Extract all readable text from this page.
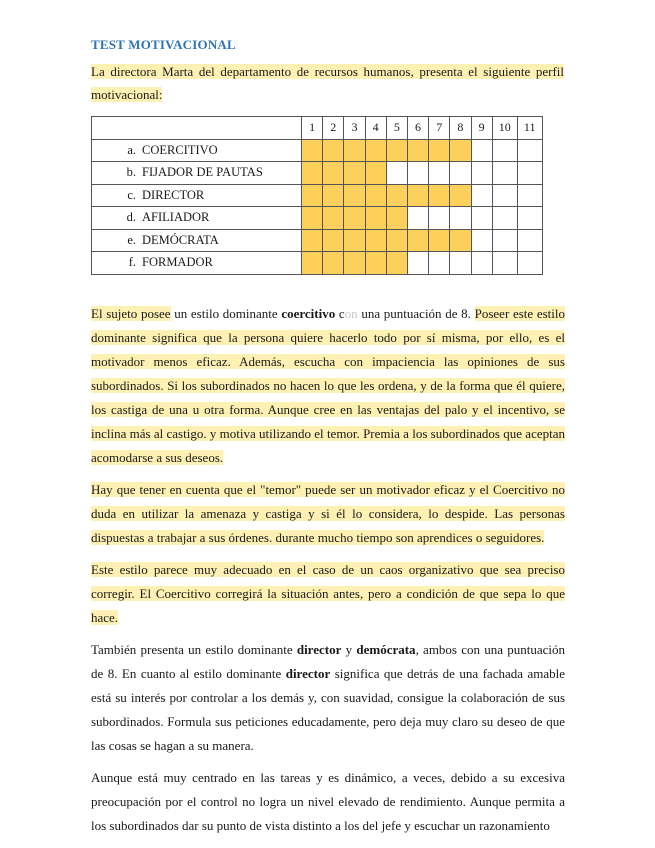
TEST MOTIVACIONAL
La directora Marta del departamento de recursos humanos, presenta el siguiente perfil motivacional:
	1	2	3	4	5	6	7	8	9	10	11
a. COERCITIVO											
b. FIJADOR DE PAUTAS											
c. DIRECTOR											
d. AFILIADOR											
e. DEMÓCRATA											
f. FORMADOR											

El sujeto posee un estilo dominante coercitivo con una puntuación de 8. Poseer este estilo dominante significa que la persona quiere hacerlo todo por sí misma, por ello, es el motivador menos eficaz. Además, escucha con impaciencia las opiniones de sus subordinados. Si los subordinados no hacen lo que les ordena, y de la forma que él quiere, los castiga de una u otra forma. Aunque cree en las ventajas del palo y el incentivo, se inclina más al castigo. y motiva utilizando el temor. Premia a los subordinados que aceptan acomodarse a sus deseos.

Hay que tener en cuenta que el "temor" puede ser un motivador eficaz y el Coercitivo no duda en utilizar la amenaza y castiga y si él lo considera, lo despide. Las personas dispuestas a trabajar a sus órdenes. durante mucho tiempo son aprendices o seguidores.

Este estilo parece muy adecuado en el caso de un caos organizativo que sea preciso corregir. El Coercitivo corregirá la situación antes, pero a condición de que sepa lo que hace.

También presenta un estilo dominante director y demócrata, ambos con una puntuación de 8. En cuanto al estilo dominante director significa que detrás de una fachada amable está su interés por controlar a los demás y, con suavidad, consigue la colaboración de sus subordinados. Formula sus peticiones educadamente, pero deja muy claro su deseo de que las cosas se hagan a su manera.

Aunque está muy centrado en las tareas y es dinámico, a veces, debido a su excesiva preocupación por el control no logra un nivel elevado de rendimiento. Aunque permita a los subordinados dar su punto de vista distinto a los del jefe y escuchar un razonamiento
